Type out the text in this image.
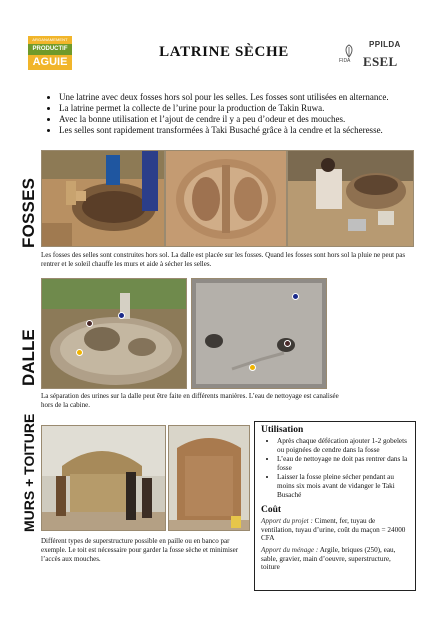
ARGANAMEMENT
PRODUCTIF
AGUIE
LATRINE SÈCHE
FIDA
PPILDA
ESEL
• Une latrine avec deux fosses hors sol pour les selles. Les fosses sont utilisées en alternance.
• La latrine permet la collecte de l’urine pour la production de Takin Ruwa.
• Avec la bonne utilisation et l’ajout de cendre il y a peu d’odeur et des mouches.
• Les selles sont rapidement transformées à Taki Busaché grâce à la cendre et la sécheresse.
FOSSES
Les fosses des selles sont construites hors sol. La dalle est placée sur les fosses. Quand les fosses sont hors sol la pluie ne peut pas rentrer et le soleil chauffe les murs et aide à sécher les selles.
DALLE
La séparation des urines sur la dalle peut être faite en différents manières. L’eau de nettoyage est canalisée hors de la cabine.
MURS + TOITURE
Différent types de superstructure possible en paille ou en banco par exemple. Le toit est nécessaire pour garder la fosse sèche et minimiser l’accès aux mouches.
Utilisation
• Après chaque défécation ajouter 1-2 gobelets ou poignées de cendre dans la fosse
• L’eau de nettoyage ne doit pas rentrer dans la fosse
• Laisser la fosse pleine sécher pendant au moins six mois avant de vidanger le Taki Busaché
Coût

Apport du projet : Ciment, fer, tuyau de ventilation, tuyau d’urine, coût du maçon = 24000 CFA

Apport du ménage : Argile, briques (250), eau, sable, gravier, main d’oeuvre, superstructure, toiture
